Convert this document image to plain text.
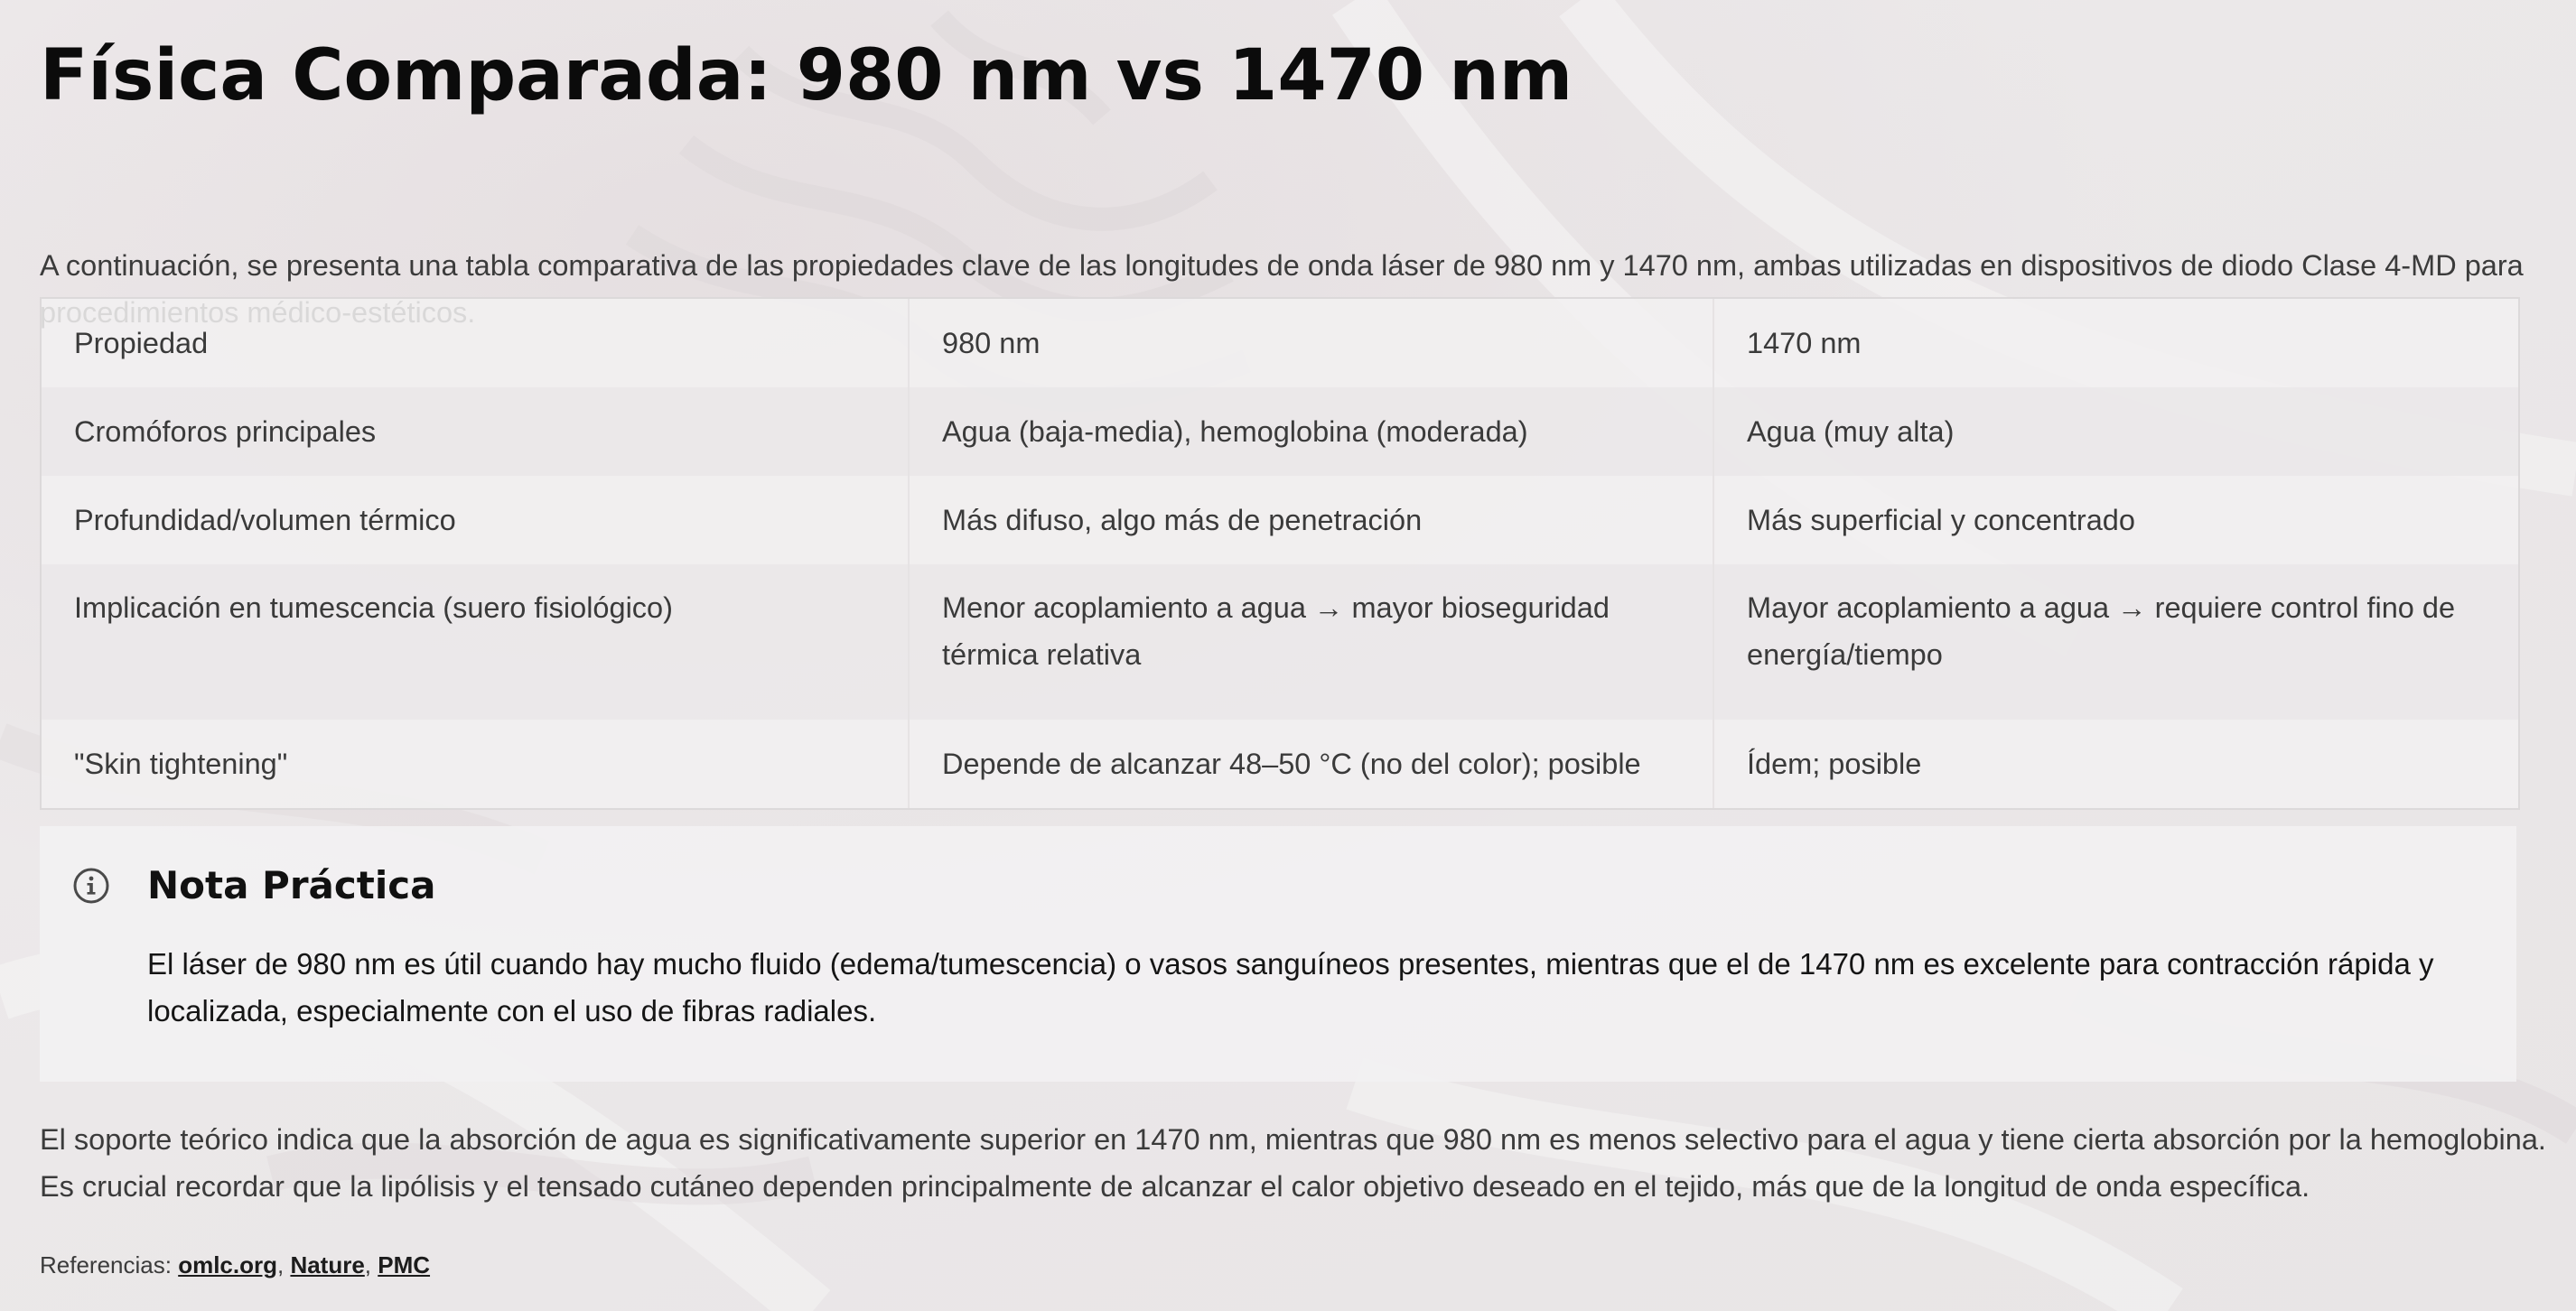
Física Comparada: 980 nm vs 1470 nm
A continuación, se presenta una tabla comparativa de las propiedades clave de las longitudes de onda láser de 980 nm y 1470 nm, ambas utilizadas en dispositivos de diodo Clase 4-MD para
Propiedad	980 nm	1470 nm
Cromóforos principales	Agua (baja-media), hemoglobina (moderada)	Agua (muy alta)
Profundidad/volumen térmico	Más difuso, algo más de penetración	Más superficial y concentrado
Implicación en tumescencia (suero fisiológico)	Menor acoplamiento a agua → mayor bioseguridad térmica relativa	Mayor acoplamiento a agua → requiere control fino de energía/tiempo
"Skin tightening"	Depende de alcanzar 48–50 °C (no del color); posible	Ídem; posible
Nota Práctica
El láser de 980 nm es útil cuando hay mucho fluido (edema/tumescencia) o vasos sanguíneos presentes, mientras que el de 1470 nm es excelente para contracción rápida y localizada, especialmente con el uso de fibras radiales.
El soporte teórico indica que la absorción de agua es significativamente superior en 1470 nm, mientras que 980 nm es menos selectivo para el agua y tiene cierta absorción por la hemoglobina. Es crucial recordar que la lipólisis y el tensado cutáneo dependen principalmente de alcanzar el calor objetivo deseado en el tejido, más que de la longitud de onda específica.
Referencias: omlc.org, Nature, PMC
